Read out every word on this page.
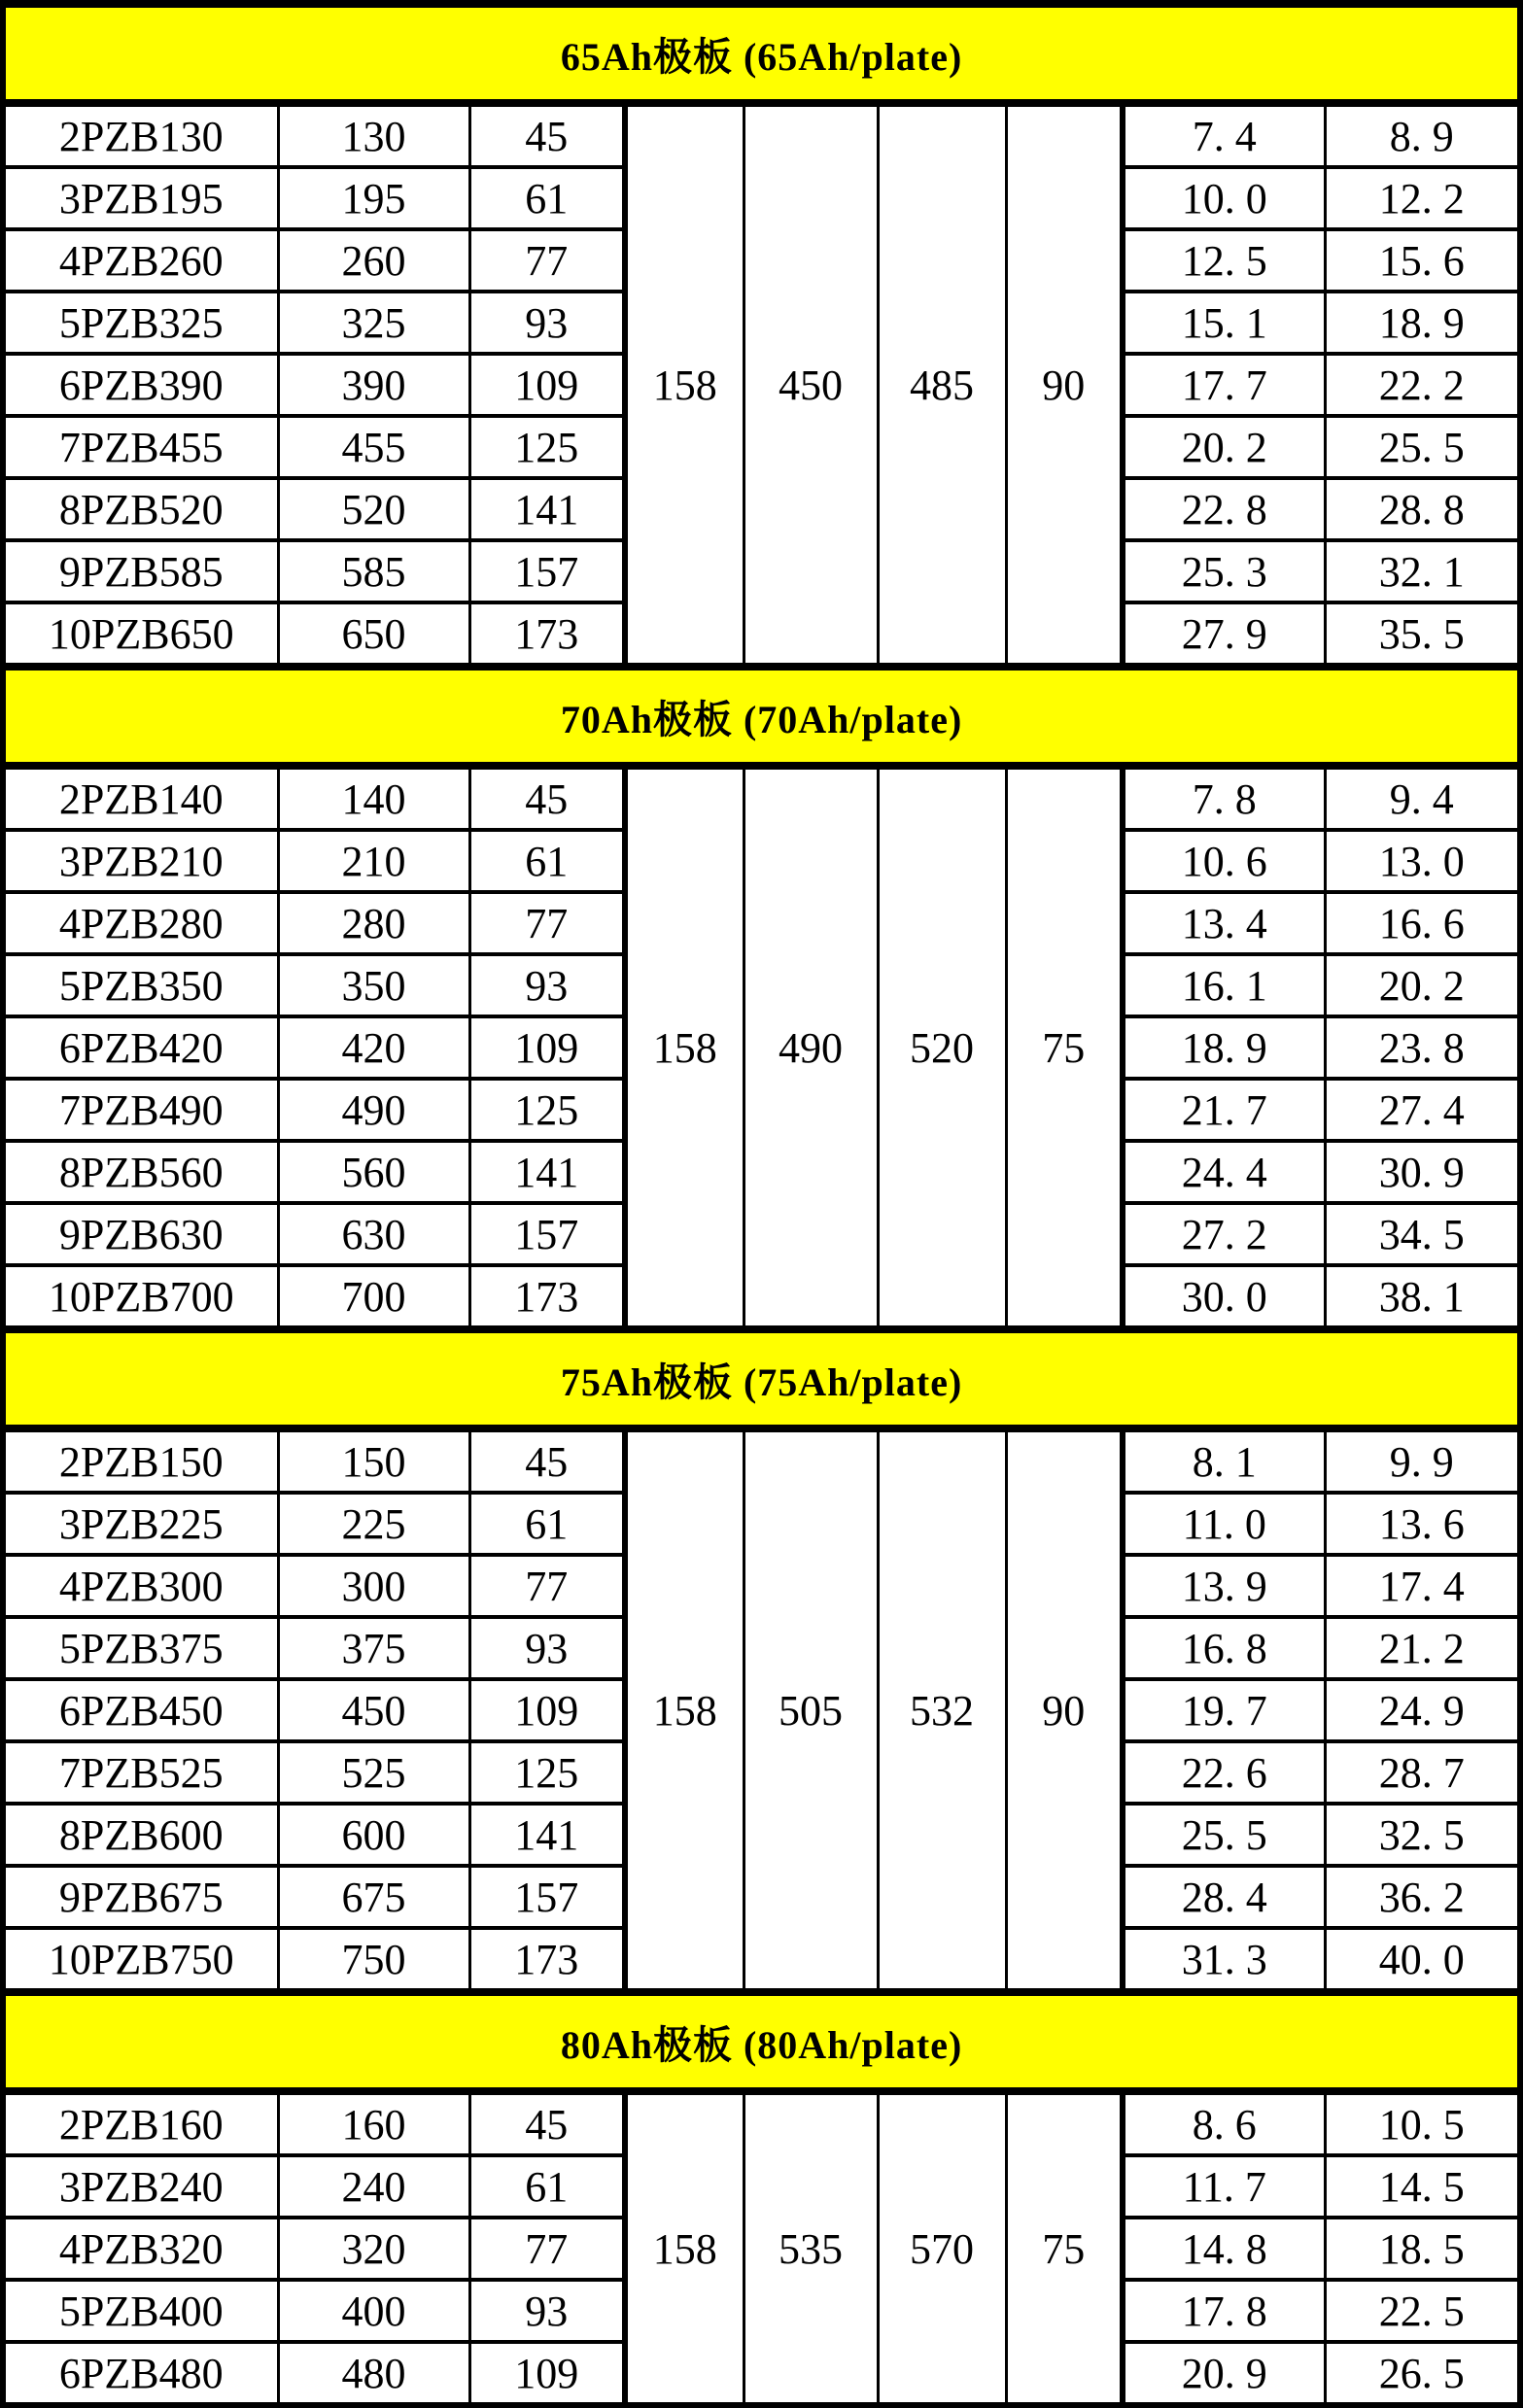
65Ah极板 (65Ah/plate)								
2PZB130	130	45	158	450	485	90	7. 4	8. 9
3PZB195	195	61					10. 0	12. 2
4PZB260	260	77					12. 5	15. 6
5PZB325	325	93					15. 1	18. 9
6PZB390	390	109					17. 7	22. 2
7PZB455	455	125					20. 2	25. 5
8PZB520	520	141					22. 8	28. 8
9PZB585	585	157					25. 3	32. 1
10PZB650	650	173					27. 9	35. 5
70Ah极板 (70Ah/plate)								
2PZB140	140	45	158	490	520	75	7. 8	9. 4
3PZB210	210	61					10. 6	13. 0
4PZB280	280	77					13. 4	16. 6
5PZB350	350	93					16. 1	20. 2
6PZB420	420	109					18. 9	23. 8
7PZB490	490	125					21. 7	27. 4
8PZB560	560	141					24. 4	30. 9
9PZB630	630	157					27. 2	34. 5
10PZB700	700	173					30. 0	38. 1
75Ah极板 (75Ah/plate)								
2PZB150	150	45	158	505	532	90	8. 1	9. 9
3PZB225	225	61					11. 0	13. 6
4PZB300	300	77					13. 9	17. 4
5PZB375	375	93					16. 8	21. 2
6PZB450	450	109					19. 7	24. 9
7PZB525	525	125					22. 6	28. 7
8PZB600	600	141					25. 5	32. 5
9PZB675	675	157					28. 4	36. 2
10PZB750	750	173					31. 3	40. 0
80Ah极板 (80Ah/plate)								
2PZB160	160	45	158	535	570	75	8. 6	10. 5
3PZB240	240	61					11. 7	14. 5
4PZB320	320	77					14. 8	18. 5
5PZB400	400	93					17. 8	22. 5
6PZB480	480	109					20. 9	26. 5
